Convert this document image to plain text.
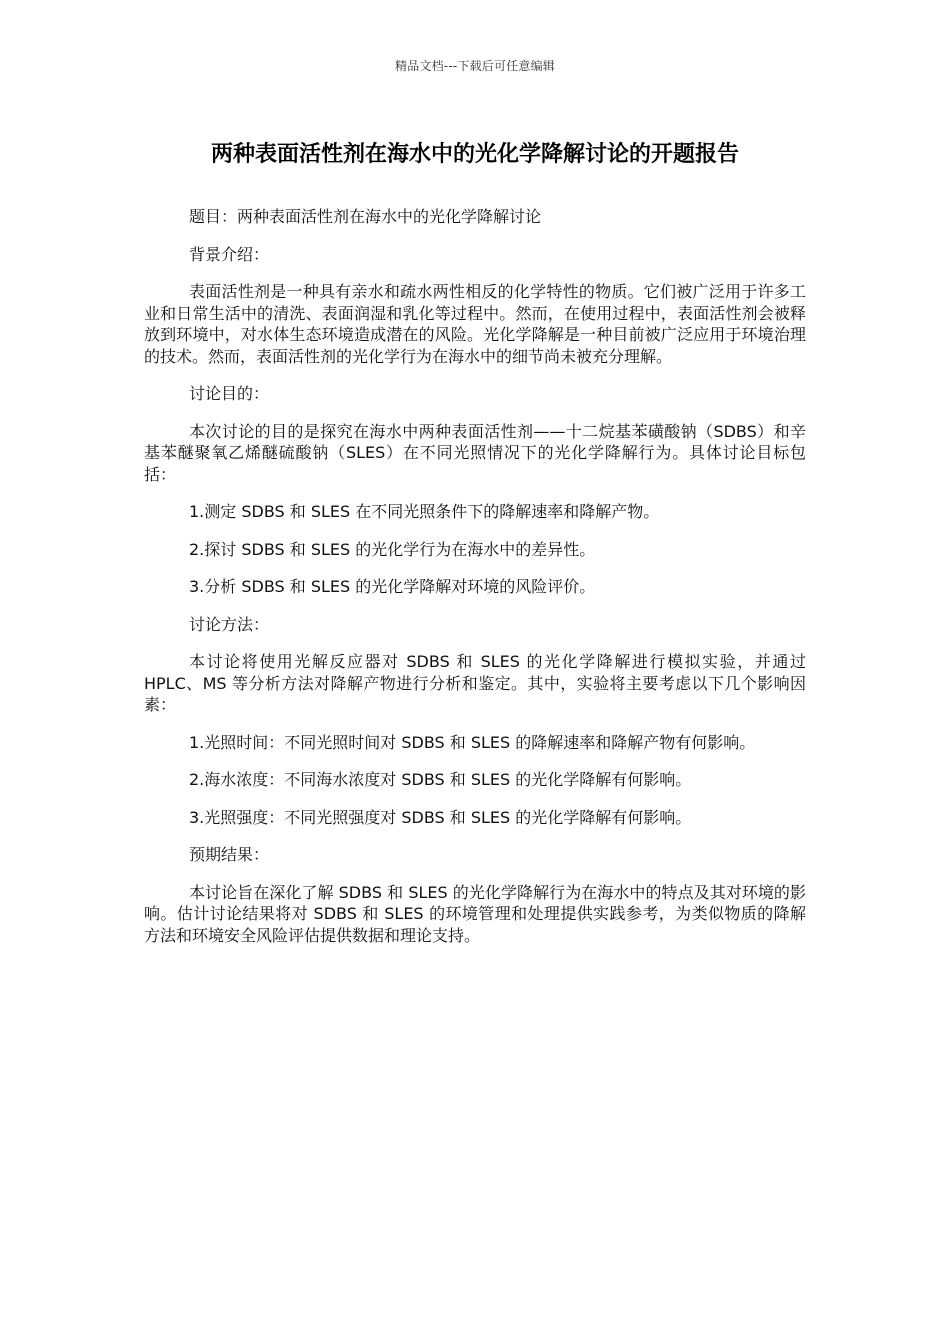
精品文档---下载后可任意编辑
两种表面活性剂在海水中的光化学降解讨论的开题报告

题目：两种表面活性剂在海水中的光化学降解讨论

背景介绍：

表面活性剂是一种具有亲水和疏水两性相反的化学特性的物质。它们被广泛用于许多工业和日常生活中的清洗、表面润湿和乳化等过程中。然而，在使用过程中，表面活性剂会被释放到环境中，对水体生态环境造成潜在的风险。光化学降解是一种目前被广泛应用于环境治理的技术。然而，表面活性剂的光化学行为在海水中的细节尚未被充分理解。

讨论目的：

本次讨论的目的是探究在海水中两种表面活性剂——十二烷基苯磺酸钠（SDBS）和辛基苯醚聚氧乙烯醚硫酸钠（SLES）在不同光照情况下的光化学降解行为。具体讨论目标包括：

1.测定 SDBS 和 SLES 在不同光照条件下的降解速率和降解产物。

2.探讨 SDBS 和 SLES 的光化学行为在海水中的差异性。

3.分析 SDBS 和 SLES 的光化学降解对环境的风险评价。

讨论方法：

本讨论将使用光解反应器对 SDBS 和 SLES 的光化学降解进行模拟实验，并通过 HPLC、MS 等分析方法对降解产物进行分析和鉴定。其中，实验将主要考虑以下几个影响因素：

1.光照时间：不同光照时间对 SDBS 和 SLES 的降解速率和降解产物有何影响。

2.海水浓度：不同海水浓度对 SDBS 和 SLES 的光化学降解有何影响。

3.光照强度：不同光照强度对 SDBS 和 SLES 的光化学降解有何影响。

预期结果：

本讨论旨在深化了解 SDBS 和 SLES 的光化学降解行为在海水中的特点及其对环境的影响。估计讨论结果将对 SDBS 和 SLES 的环境管理和处理提供实践参考，为类似物质的降解方法和环境安全风险评估提供数据和理论支持。
